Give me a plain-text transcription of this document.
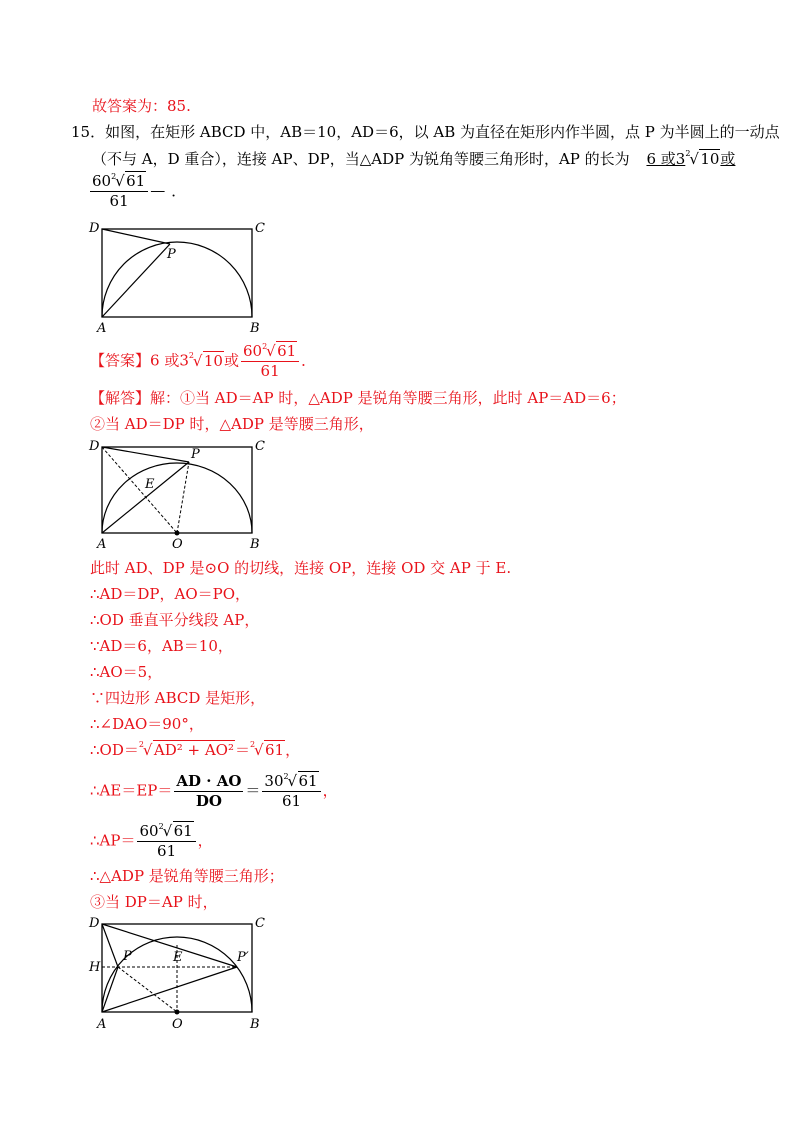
故答案为：85.
15．如图，在矩形 ABCD 中，AB＝10，AD＝6，以 AB 为直径在矩形内作半圆，点 P 为半圆上的一动点
（不与 A，D 重合），连接 AP、DP，当△ADP 为锐角等腰三角形时，AP 的长为 6 或3 2
√ 10或
60 2
√ 61
61 — ．
D	C
P
A	B
【答案】6 或3 2
√ 10或 60 2
√ 61
61 ．
【解答】解：①当 AD＝AP 时，△ADP 是锐角等腰三角形，此时 AP＝AD＝6；
②当 AD＝DP 时，△ADP 是等腰三角形，
D	C
P
E
A	O	B
此时 AD、DP 是⊙O 的切线，连接 OP，连接 OD 交 AP 于 E.
∴AD＝DP，AO＝PO，
∴OD 垂直平分线段 AP，
∵AD＝6，AB＝10，
∴AO＝5，
∵四边形 ABCD 是矩形，
∴∠DAO＝90°，
∴OD＝ 2
√ AD² + AO²＝ 2
√ 61，
∴AE＝EP＝ $\frac{AD \cdot AO}{DO} = 30$ 2
√ 61
61 ，
∴AP＝ 60 2
√ 61
61 ，
∴△ADP 是锐角等腰三角形；
③当 DP＝AP 时，
D	C
H
P	E	P′
A	O	B
